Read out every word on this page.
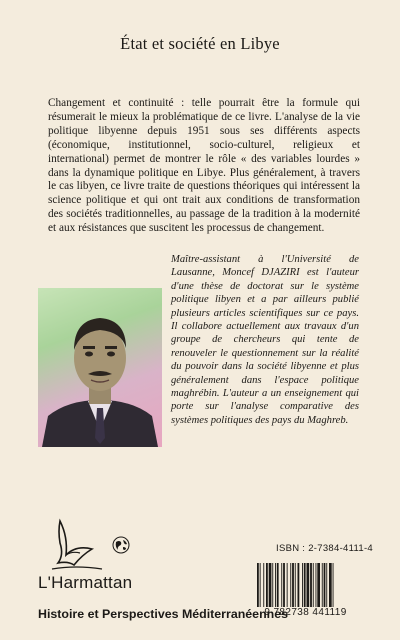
État et société en Libye
Changement et continuité : telle pourrait être la formule qui résumerait le mieux la problématique de ce livre. L'analyse de la vie politique libyenne depuis 1951 sous ses différents aspects (économique, institutionnel, socio-culturel, religieux et international) permet de montrer le rôle « des variables lourdes » dans la dynamique politique en Libye. Plus généralement, à travers le cas libyen, ce livre traite de questions théoriques qui intéressent la science politique et qui ont trait aux conditions de transformation des sociétés traditionnelles, au passage de la tradition à la modernité et aux résistances que suscitent les processus de changement.
Maître-assistant à l'Université de Lausanne, Moncef DJAZIRI est l'auteur d'une thèse de doctorat sur le système politique libyen et a par ailleurs publié plusieurs articles scientifiques sur ce pays. Il collabore actuellement aux travaux d'un groupe de chercheurs qui tente de renouveler le questionnement sur la réalité du pouvoir dans la société libyenne et plus généralement dans l'espace politique maghrébin. L'auteur a un enseignement qui porte sur l'analyse comparative des systèmes politiques des pays du Maghreb.
L'Harmattan
Histoire et Perspectives Méditerranéennes
ISBN : 2-7384-4111-4
9 782738 441119
